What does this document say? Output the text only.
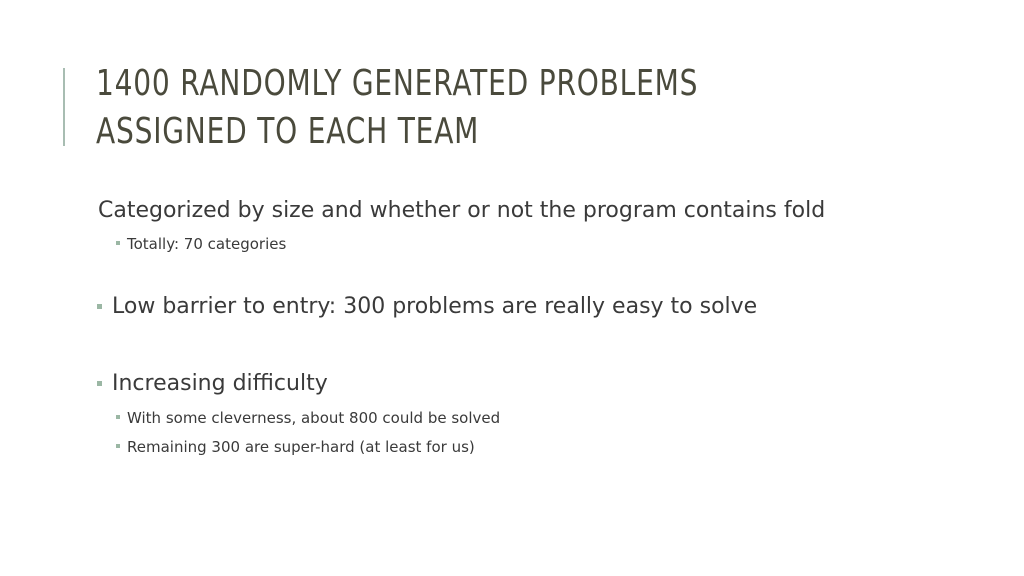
1400 RANDOMLY GENERATED PROBLEMS
ASSIGNED TO EACH TEAM
Categorized by size and whether or not the program contains fold
Totally: 70 categories
Low barrier to entry: 300 problems are really easy to solve
Increasing difficulty
With some cleverness, about 800 could be solved
Remaining 300 are super-hard (at least for us)
